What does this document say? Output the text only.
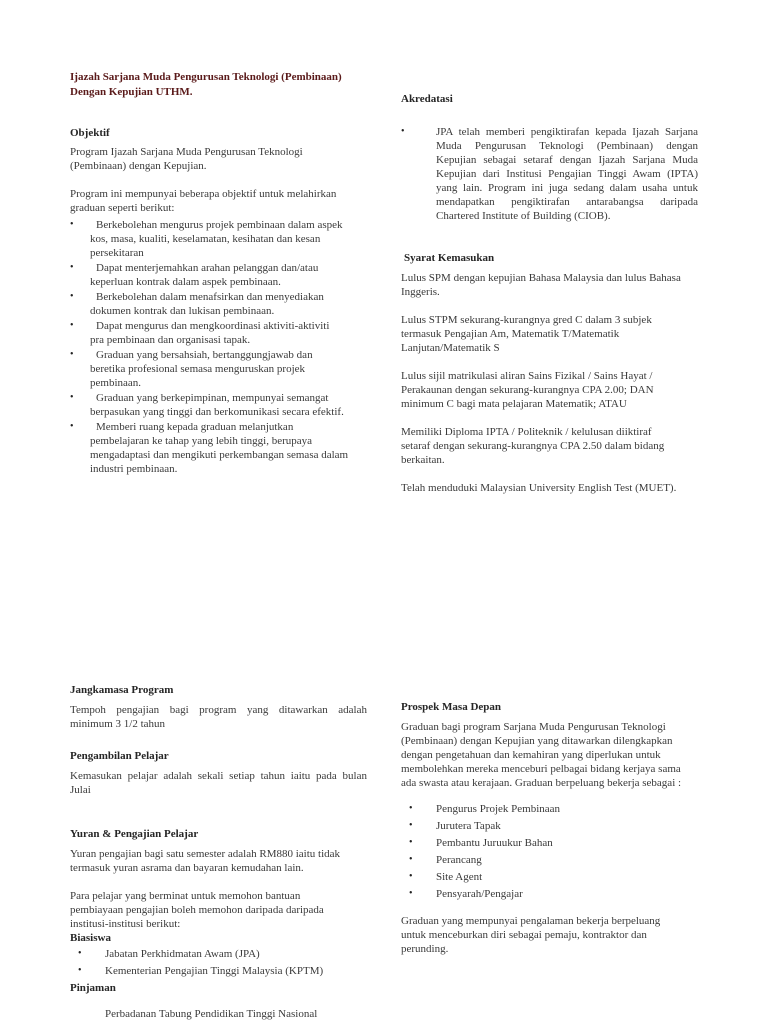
Ijazah Sarjana Muda Pengurusan Teknologi (Pembinaan)
Dengan Kepujian UTHM.
Objektif

Program Ijazah Sarjana Muda Pengurusan Teknologi
(Pembinaan) dengan Kepujian.

Program ini mempunyai beberapa objektif untuk melahirkan
graduan seperti berikut:

• Berkebolehan mengurus projek pembinaan dalam aspek
kos, masa, kualiti, keselamatan, kesihatan dan kesan
persekitaran
• Dapat menterjemahkan arahan pelanggan dan/atau
keperluan kontrak dalam aspek pembinaan.
• Berkebolehan dalam menafsirkan dan menyediakan
dokumen kontrak dan lukisan pembinaan.
• Dapat mengurus dan mengkoordinasi aktiviti-aktiviti
pra pembinaan dan organisasi tapak.
• Graduan yang bersahsiah, bertanggungjawab dan
beretika profesional semasa menguruskan projek
pembinaan.
• Graduan yang berkepimpinan, mempunyai semangat
berpasukan yang tinggi dan berkomunikasi secara efektif.
• Memberi ruang kepada graduan melanjutkan
pembelajaran ke tahap yang lebih tinggi, berupaya
mengadaptasi dan mengikuti perkembangan semasa dalam
industri pembinaan.
Akredatasi
• JPA telah memberi pengiktirafan kepada Ijazah Sarjana
Muda Pengurusan Teknologi (Pembinaan) dengan
Kepujian sebagai setaraf dengan Ijazah Sarjana Muda
Kepujian dari Institusi Pengajian Tinggi Awam (IPTA)
yang lain. Program ini juga sedang dalam usaha untuk
mendapatkan pengiktirafan antarabangsa daripada
Chartered Institute of Building (CIOB).
Syarat Kemasukan

Lulus SPM dengan kepujian Bahasa Malaysia dan lulus Bahasa
Inggeris.

Lulus STPM sekurang-kurangnya gred C dalam 3 subjek
termasuk Pengajian Am, Matematik T/Matematik
Lanjutan/Matematik S

Lulus sijil matrikulasi aliran Sains Fizikal / Sains Hayat /
Perakaunan dengan sekurang-kurangnya CPA 2.00; DAN
minimum C bagi mata pelajaran Matematik; ATAU

Memiliki Diploma IPTA / Politeknik / kelulusan diiktiraf
setaraf dengan sekurang-kurangnya CPA 2.50 dalam bidang
berkaitan.

Telah menduduki Malaysian University English Test (MUET).

Jangkamasa Program

Tempoh pengajian bagi program yang ditawarkan adalah
minimum 3 1/2 tahun

Pengambilan Pelajar

Kemasukan pelajar adalah sekali setiap tahun iaitu pada bulan
Julai

Yuran & Pengajian Pelajar

Yuran pengajian bagi satu semester adalah RM880 iaitu tidak
termasuk yuran asrama dan bayaran kemudahan lain.

Para pelajar yang berminat untuk memohon bantuan
pembiayaan pengajian boleh memohon daripada daripada
institusi-institusi berikut:

Biasiswa
• Jabatan Perkhidmatan Awam (JPA)
• Kementerian Pengajian Tinggi Malaysia (KPTM)
Pinjaman
Perbadanan Tabung Pendidikan Tinggi Nasional
Prospek Masa Depan

Graduan bagi program Sarjana Muda Pengurusan Teknologi
(Pembinaan) dengan Kepujian yang ditawarkan dilengkapkan
dengan pengetahuan dan kemahiran yang diperlukan untuk
membolehkan mereka menceburi pelbagai bidang kerjaya sama
ada swasta atau kerajaan. Graduan berpeluang bekerja sebagai :

• Pengurus Projek Pembinaan
• Jurutera Tapak
• Pembantu Juruukur Bahan
• Perancang
• Site Agent
• Pensyarah/Pengajar

Graduan yang mempunyai pengalaman bekerja berpeluang
untuk menceburkan diri sebagai pemaju, kontraktor dan
perunding.
